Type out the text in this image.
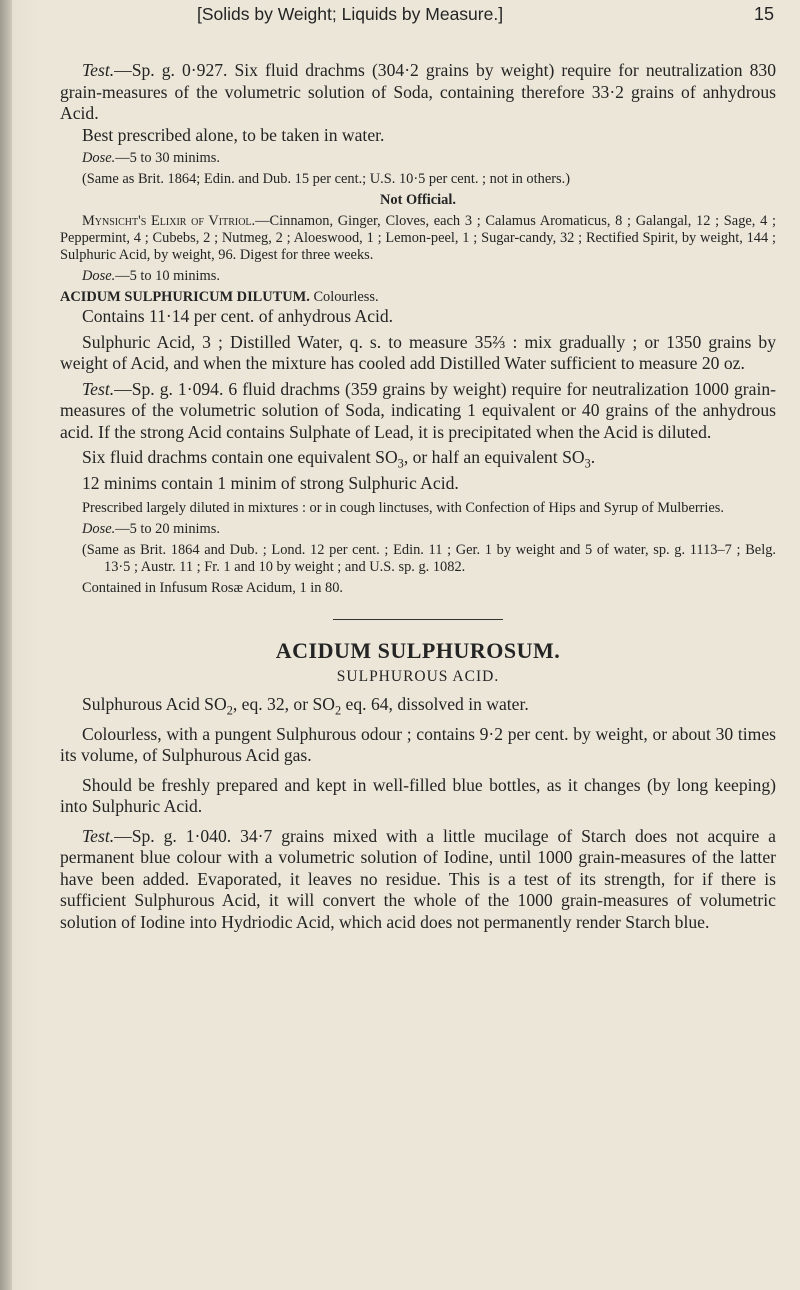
[Solids by Weight; Liquids by Measure.]	15

Test.—Sp. g. 0·927. Six fluid drachms (304·2 grains by weight) require for neutralization 830 grain-measures of the volumetric solution of Soda, containing therefore 33·2 grains of anhydrous Acid.

Best prescribed alone, to be taken in water.

Dose.—5 to 30 minims.

(Same as Brit. 1864; Edin. and Dub. 15 per cent.; U.S. 10·5 per cent. ; not in others.)

Not Official.

Mynsicht's Elixir of Vitriol.—Cinnamon, Ginger, Cloves, each 3 ; Calamus Aromaticus, 8 ; Galangal, 12 ; Sage, 4 ; Peppermint, 4 ; Cubebs, 2 ; Nutmeg, 2 ; Aloeswood, 1 ; Lemon-peel, 1 ; Sugar-candy, 32 ; Rectified Spirit, by weight, 144 ; Sulphuric Acid, by weight, 96. Digest for three weeks.

Dose.—5 to 10 minims.

ACIDUM SULPHURICUM DILUTUM. Colourless.

Contains 11·14 per cent. of anhydrous Acid.

Sulphuric Acid, 3 ; Distilled Water, q. s. to measure 35⅔ : mix gradually ; or 1350 grains by weight of Acid, and when the mixture has cooled add Distilled Water sufficient to measure 20 oz.

Test.—Sp. g. 1·094. 6 fluid drachms (359 grains by weight) require for neutralization 1000 grain-measures of the volumetric solution of Soda, indicating 1 equivalent or 40 grains of the anhydrous acid. If the strong Acid contains Sulphate of Lead, it is precipitated when the Acid is diluted.

Six fluid drachms contain one equivalent $SO_3$, or half an equivalent $SO_3$.

12 minims contain 1 minim of strong Sulphuric Acid.

Prescribed largely diluted in mixtures : or in cough linctuses, with Confection of Hips and Syrup of Mulberries.

Dose.—5 to 20 minims.

(Same as Brit. 1864 and Dub. ; Lond. 12 per cent. ; Edin. 11 ; Ger. 1 by weight and 5 of water, sp. g. 1113–7 ; Belg. 13·5 ; Austr. 11 ; Fr. 1 and 10 by weight ; and U.S. sp. g. 1082.

Contained in Infusum Rosæ Acidum, 1 in 80.

ACIDUM SULPHUROSUM.
SULPHUROUS ACID.

Sulphurous Acid $SO_2$, eq. 32, or $SO_2$ eq. 64, dissolved in water.

Colourless, with a pungent Sulphurous odour ; contains 9·2 per cent. by weight, or about 30 times its volume, of Sulphurous Acid gas.

Should be freshly prepared and kept in well-filled blue bottles, as it changes (by long keeping) into Sulphuric Acid.

Test.—Sp. g. 1·040. 34·7 grains mixed with a little mucilage of Starch does not acquire a permanent blue colour with a volumetric solution of Iodine, until 1000 grain-measures of the latter have been added. Evaporated, it leaves no residue. This is a test of its strength, for if there is sufficient Sulphurous Acid, it will convert the whole of the 1000 grain-measures of volumetric solution of Iodine into Hydriodic Acid, which acid does not permanently render Starch blue.
